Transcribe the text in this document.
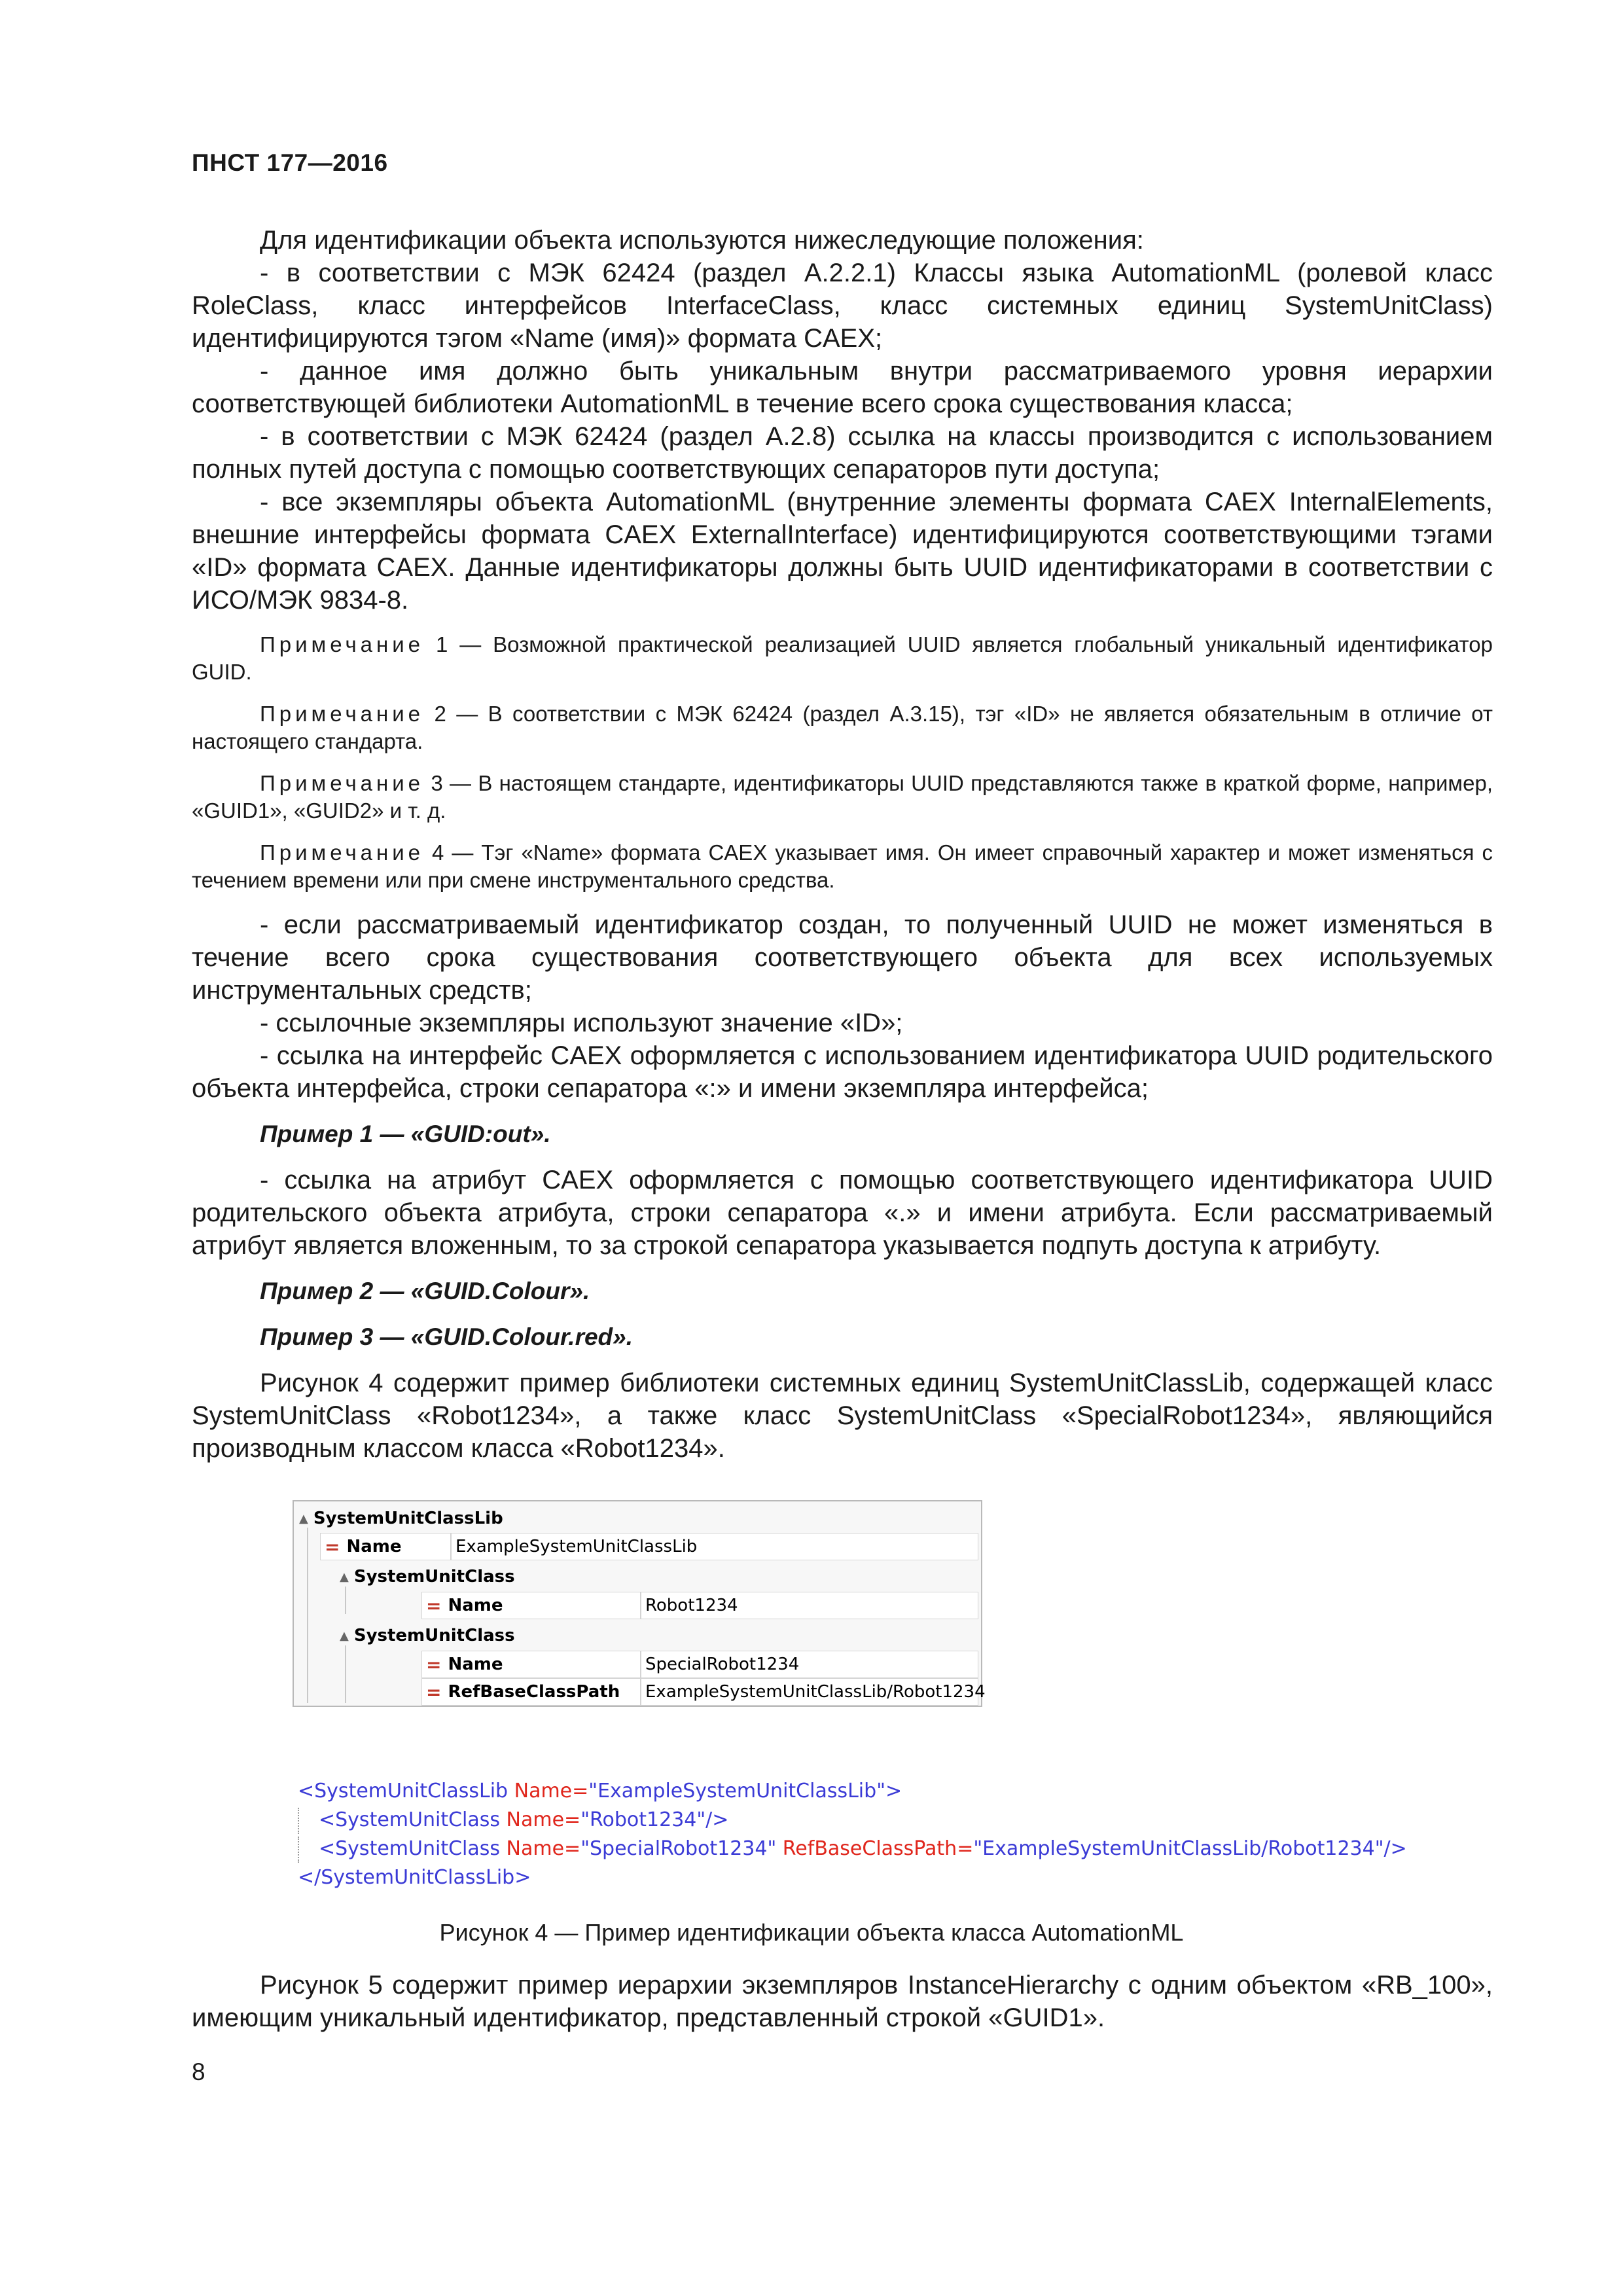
ПНСТ 177—2016

Для идентификации объекта используются нижеследующие положения:

- в соответствии с МЭК 62424 (раздел А.2.2.1) Классы языка AutomationML (ролевой класс RoleClass, класс интерфейсов InterfaceClass, класс системных единиц SystemUnitClass) идентифицируются тэгом «Name (имя)» формата CAEX;

- данное имя должно быть уникальным внутри рассматриваемого уровня иерархии соответствующей библиотеки AutomationML в течение всего срока существования класса;

- в соответствии с МЭК 62424 (раздел А.2.8) ссылка на классы производится с использованием полных путей доступа с помощью соответствующих сепараторов пути доступа;

- все экземпляры объекта AutomationML (внутренние элементы формата CAEX InternalElements, внешние интерфейсы формата CAEX ExternalInterface) идентифицируются соответствующими тэгами «ID» формата CAEX. Данные идентификаторы должны быть UUID идентификаторами в соответствии с ИСО/МЭК 9834-8.

Примечание 1 — Возможной практической реализацией UUID является глобальный уникальный идентификатор GUID.

Примечание 2 — В соответствии с МЭК 62424 (раздел А.3.15), тэг «ID» не является обязательным в отличие от настоящего стандарта.

Примечание 3 — В настоящем стандарте, идентификаторы UUID представляются также в краткой форме, например, «GUID1», «GUID2» и т. д.

Примечание 4 — Тэг «Name» формата CAEX указывает имя. Он имеет справочный характер и может изменяться с течением времени или при смене инструментального средства.

- если рассматриваемый идентификатор создан, то полученный UUID не может изменяться в течение всего срока существования соответствующего объекта для всех используемых инструментальных средств;

- ссылочные экземпляры используют значение «ID»;

- ссылка на интерфейс CAEX оформляется с использованием идентификатора UUID родительского объекта интерфейса, строки сепаратора «:» и имени экземпляра интерфейса;

Пример 1 — «GUID:out».

- ссылка на атрибут CAEX оформляется с помощью соответствующего идентификатора UUID родительского объекта атрибута, строки сепаратора «.» и имени атрибута. Если рассматриваемый атрибут является вложенным, то за строкой сепаратора указывается подпуть доступа к атрибуту.

Пример 2 — «GUID.Colour».

Пример 3 — «GUID.Colour.red».

Рисунок 4 содержит пример библиотеки системных единиц SystemUnitClassLib, содержащей класс SystemUnitClass «Robot1234», а также класс SystemUnitClass «SpecialRobot1234», являющийся производным классом класса «Robot1234».

▲ SystemUnitClassLib
= Name	ExampleSystemUnitClassLib
▲ SystemUnitClass
= Name	Robot1234
▲ SystemUnitClass
= Name	SpecialRobot1234
= RefBaseClassPath ExampleSystemUnitClassLib/Robot1234
<SystemUnitClassLib Name="ExampleSystemUnitClassLib">
<SystemUnitClass Name="Robot1234"/>
<SystemUnitClass Name="SpecialRobot1234" RefBaseClassPath="ExampleSystemUnitClassLib/Robot1234"/>
</SystemUnitClassLib>
Рисунок 4 — Пример идентификации объекта класса AutomationML

Рисунок 5 содержит пример иерархии экземпляров InstanceHierarchy с одним объектом «RB_100», имеющим уникальный идентификатор, представленный строкой «GUID1».

8
